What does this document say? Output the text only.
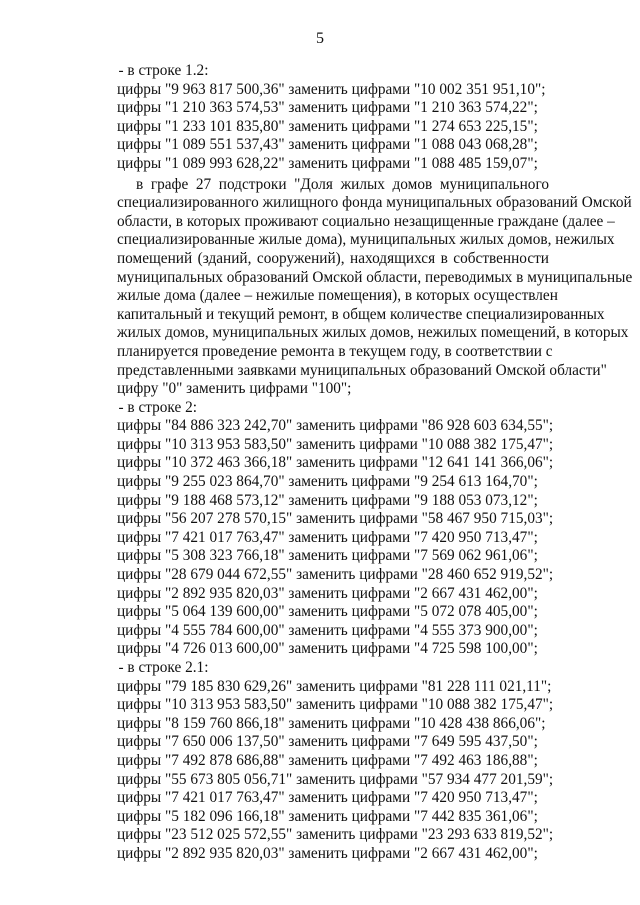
5
- в строке 1.2:
цифры "9 963 817 500,36" заменить цифрами "10 002 351 951,10";
цифры "1 210 363 574,53" заменить цифрами "1 210 363 574,22";
цифры "1 233 101 835,80" заменить цифрами "1 274 653 225,15";
цифры "1 089 551 537,43" заменить цифрами "1 088 043 068,28";
цифры "1 089 993 628,22" заменить цифрами "1 088 485 159,07";
в графе 27 подстроки "Доля жилых домов муниципального
специализированного жилищного фонда муниципальных образований Омской
области, в которых проживают социально незащищенные граждане (далее –
специализированные жилые дома), муниципальных жилых домов, нежилых
помещений (зданий, сооружений), находящихся в собственности
муниципальных образований Омской области, переводимых в муниципальные
жилые дома (далее – нежилые помещения), в которых осуществлен
капитальный и текущий ремонт, в общем количестве специализированных
жилых домов, муниципальных жилых домов, нежилых помещений, в которых
планируется проведение ремонта в текущем году, в соответствии с
представленными заявками муниципальных образований Омской области"
цифру "0" заменить цифрами "100";
- в строке 2:
цифры "84 886 323 242,70" заменить цифрами "86 928 603 634,55";
цифры "10 313 953 583,50" заменить цифрами "10 088 382 175,47";
цифры "10 372 463 366,18" заменить цифрами "12 641 141 366,06";
цифры "9 255 023 864,70" заменить цифрами "9 254 613 164,70";
цифры "9 188 468 573,12" заменить цифрами "9 188 053 073,12";
цифры "56 207 278 570,15" заменить цифрами "58 467 950 715,03";
цифры "7 421 017 763,47" заменить цифрами "7 420 950 713,47";
цифры "5 308 323 766,18" заменить цифрами "7 569 062 961,06";
цифры "28 679 044 672,55" заменить цифрами "28 460 652 919,52";
цифры "2 892 935 820,03" заменить цифрами "2 667 431 462,00";
цифры "5 064 139 600,00" заменить цифрами "5 072 078 405,00";
цифры "4 555 784 600,00" заменить цифрами "4 555 373 900,00";
цифры "4 726 013 600,00" заменить цифрами "4 725 598 100,00";
- в строке 2.1:
цифры "79 185 830 629,26" заменить цифрами "81 228 111 021,11";
цифры "10 313 953 583,50" заменить цифрами "10 088 382 175,47";
цифры "8 159 760 866,18" заменить цифрами "10 428 438 866,06";
цифры "7 650 006 137,50" заменить цифрами "7 649 595 437,50";
цифры "7 492 878 686,88" заменить цифрами "7 492 463 186,88";
цифры "55 673 805 056,71" заменить цифрами "57 934 477 201,59";
цифры "7 421 017 763,47" заменить цифрами "7 420 950 713,47";
цифры "5 182 096 166,18" заменить цифрами "7 442 835 361,06";
цифры "23 512 025 572,55" заменить цифрами "23 293 633 819,52";
цифры "2 892 935 820,03" заменить цифрами "2 667 431 462,00";
